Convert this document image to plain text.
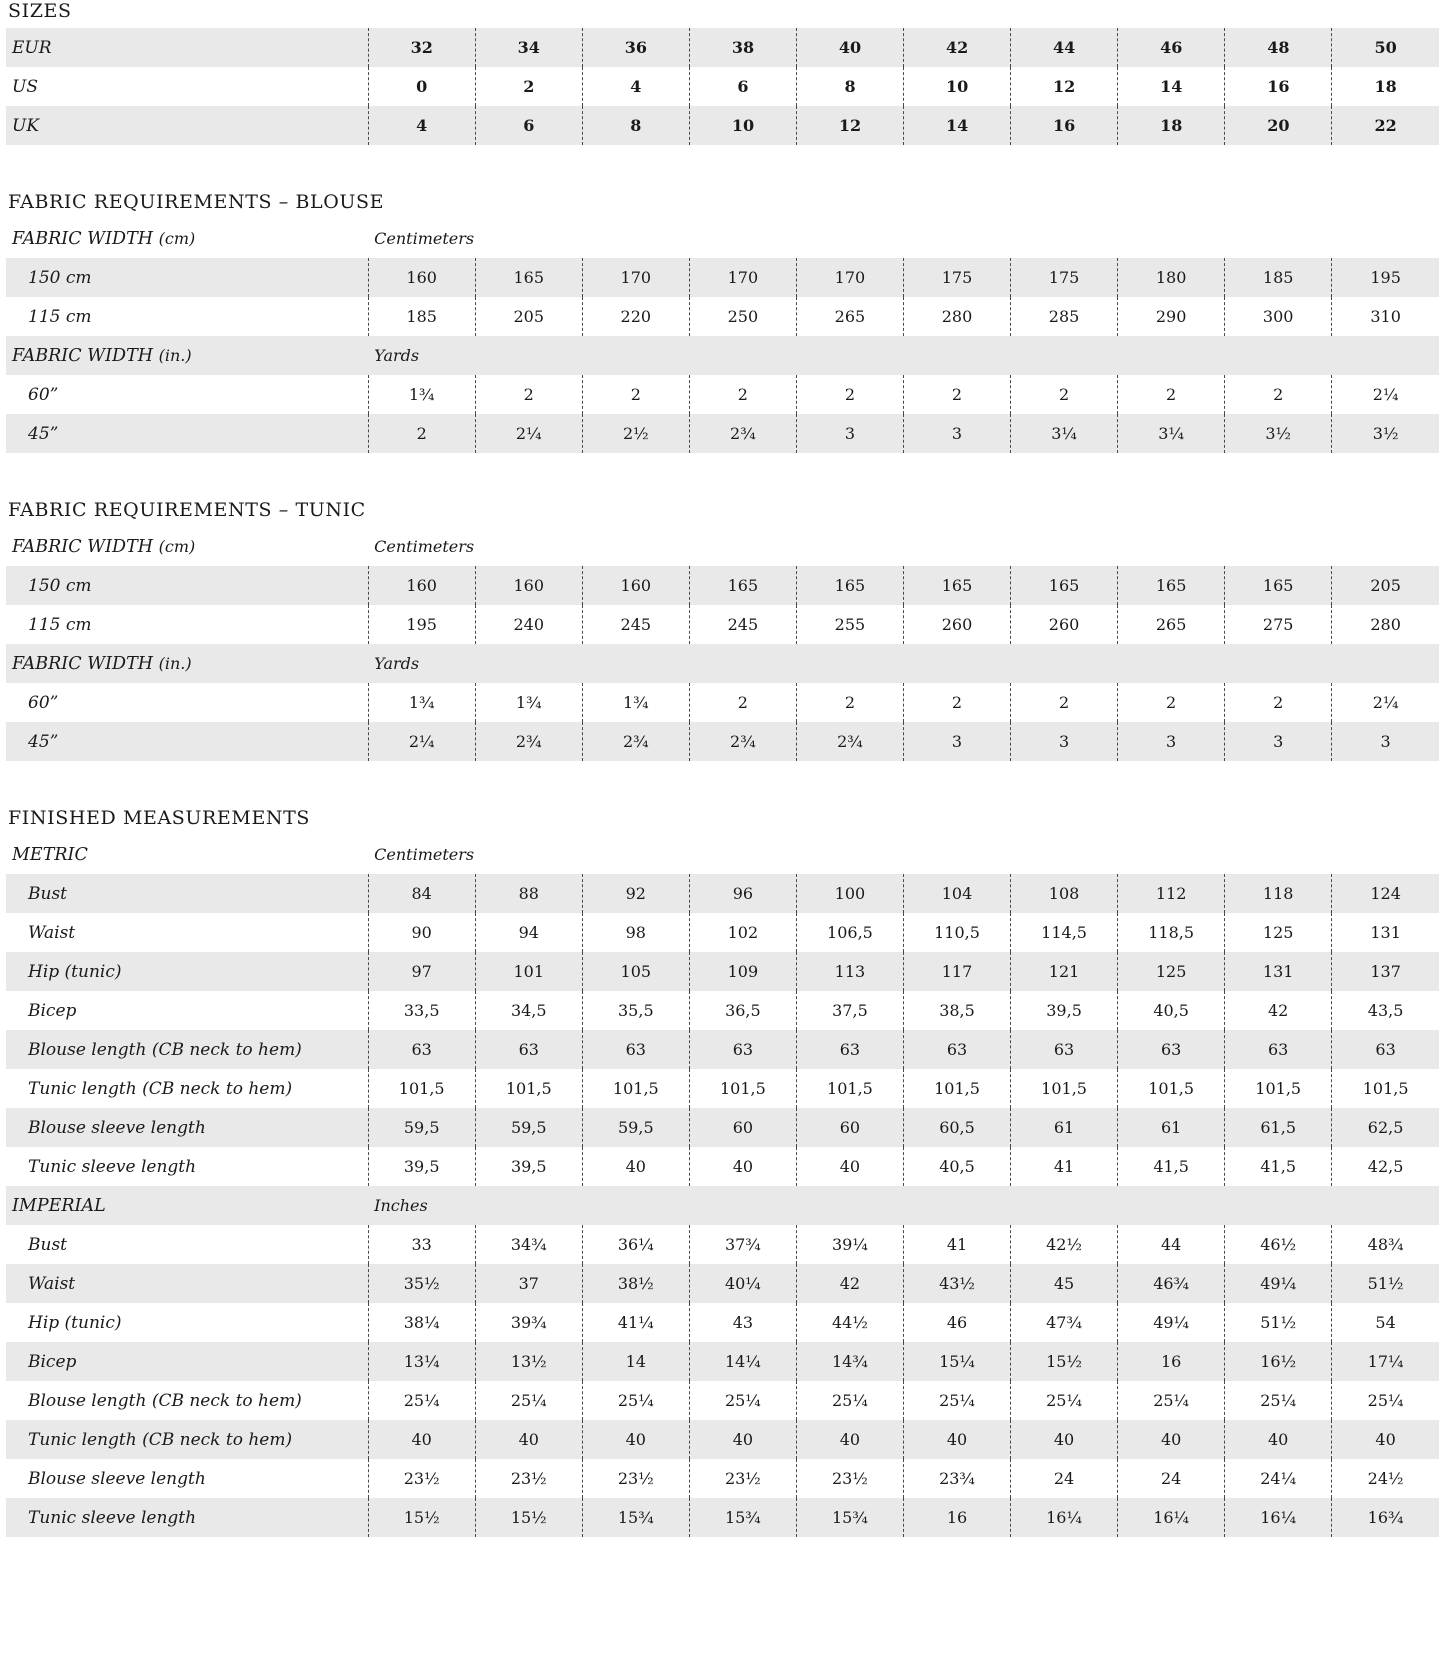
SIZES
EUR	32	34	36	38	40	42	44	46	48	50
US	0	2	4	6	8	10	12	14	16	18
UK	4	6	8	10	12	14	16	18	20	22
FABRIC REQUIREMENTS – BLOUSE
FABRIC WIDTH (cm)	Centimeters									
150 cm	160	165	170	170	170	175	175	180	185	195
115 cm	185	205	220	250	265	280	285	290	300	310
FABRIC WIDTH (in.)	Yards									
60”	1¾	2	2	2	2	2	2	2	2	2¼
45”	2	2¼	2½	2¾	3	3	3¼	3¼	3½	3½
FABRIC REQUIREMENTS – TUNIC
FABRIC WIDTH (cm)	Centimeters									
150 cm	160	160	160	165	165	165	165	165	165	205
115 cm	195	240	245	245	255	260	260	265	275	280
FABRIC WIDTH (in.)	Yards									
60”	1¾	1¾	1¾	2	2	2	2	2	2	2¼
45”	2¼	2¾	2¾	2¾	2¾	3	3	3	3	3
FINISHED MEASUREMENTS
METRIC	Centimeters									
Bust	84	88	92	96	100	104	108	112	118	124
Waist	90	94	98	102	106,5	110,5	114,5	118,5	125	131
Hip (tunic)	97	101	105	109	113	117	121	125	131	137
Bicep	33,5	34,5	35,5	36,5	37,5	38,5	39,5	40,5	42	43,5
Blouse length (CB neck to hem)	63	63	63	63	63	63	63	63	63	63
Tunic length (CB neck to hem)	101,5	101,5	101,5	101,5	101,5	101,5	101,5	101,5	101,5	101,5
Blouse sleeve length	59,5	59,5	59,5	60	60	60,5	61	61	61,5	62,5
Tunic sleeve length	39,5	39,5	40	40	40	40,5	41	41,5	41,5	42,5
IMPERIAL	Inches									
Bust	33	34¾	36¼	37¾	39¼	41	42½	44	46½	48¾
Waist	35½	37	38½	40¼	42	43½	45	46¾	49¼	51½
Hip (tunic)	38¼	39¾	41¼	43	44½	46	47¾	49¼	51½	54
Bicep	13¼	13½	14	14¼	14¾	15¼	15½	16	16½	17¼
Blouse length (CB neck to hem)	25¼	25¼	25¼	25¼	25¼	25¼	25¼	25¼	25¼	25¼
Tunic length (CB neck to hem)	40	40	40	40	40	40	40	40	40	40
Blouse sleeve length	23½	23½	23½	23½	23½	23¾	24	24	24¼	24½
Tunic sleeve length	15½	15½	15¾	15¾	15¾	16	16¼	16¼	16¼	16¾
